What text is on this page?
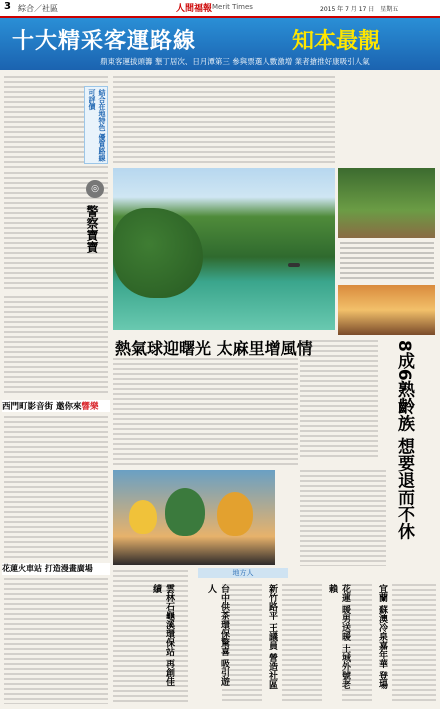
3 綜合／社區	人間福報 Merit Times	2015 年 7 月 17 日　星期五
十大精采客運路線	知本最靚
鼎東客運拔頭籌 墾丁居次、日月潭第三 參與票選人數激增 業者搶推好康吸引人氣
結合在地特色 優質路線可評價
◎
警察寶寶
西門町影音街 邀你來響樂
花蓮火車站 打造漫畫廣場
熱氣球迎曙光 太麻里增風情	8成6熟齡族 想要退而不休
地方人
雲林石龜溪環保站 再創佳績	台中供茶環保驚喜 吸引遊人	新竹路平 王議員 營造社區	花蓮 暖男送暖 土城外號老賴	宜蘭 蘇澳冷泉嘉年華 登場
